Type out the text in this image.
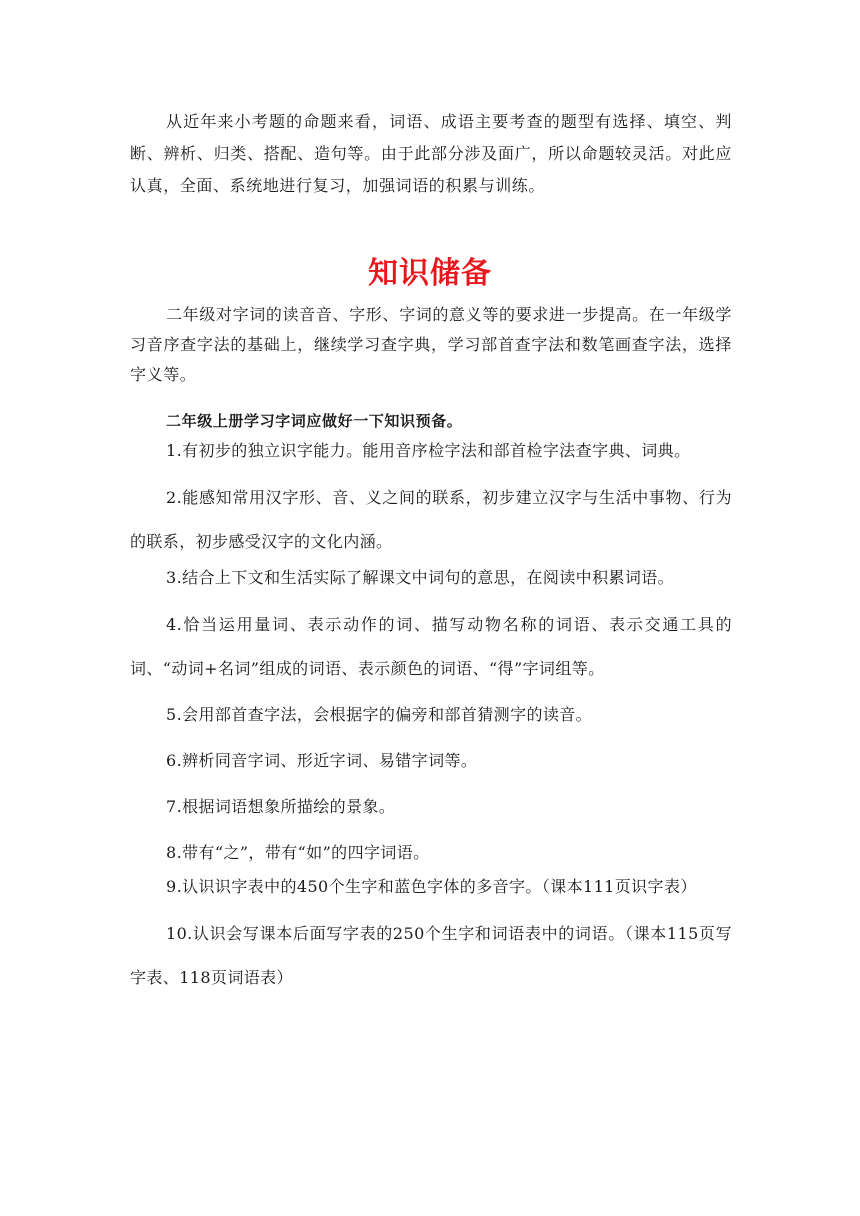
从近年来小考题的命题来看，词语、成语主要考查的题型有选择、填空、判断、辨析、归类、搭配、造句等。由于此部分涉及面广，所以命题较灵活。对此应认真，全面、系统地进行复习，加强词语的积累与训练。

知识储备

二年级对字词的读音音、字形、字词的意义等的要求进一步提高。在一年级学习音序查字法的基础上，继续学习查字典，学习部首查字法和数笔画查字法，选择字义等。

二年级上册学习字词应做好一下知识预备。

1.有初步的独立识字能力。能用音序检字法和部首检字法查字典、词典。

2.能感知常用汉字形、音、义之间的联系，初步建立汉字与生活中事物、行为的联系，初步感受汉字的文化内涵。

3.结合上下文和生活实际了解课文中词句的意思，在阅读中积累词语。

4.恰当运用量词、表示动作的词、描写动物名称的词语、表示交通工具的词、“动词+名词”组成的词语、表示颜色的词语、“得”字词组等。

5.会用部首查字法，会根据字的偏旁和部首猜测字的读音。

6.辨析同音字词、形近字词、易错字词等。

7.根据词语想象所描绘的景象。

8.带有“之”，带有“如”的四字词语。

9.认识识字表中的450个生字和蓝色字体的多音字。（课本111页识字表）

10.认识会写课本后面写字表的250个生字和词语表中的词语。（课本115页写字表、118页词语表）
